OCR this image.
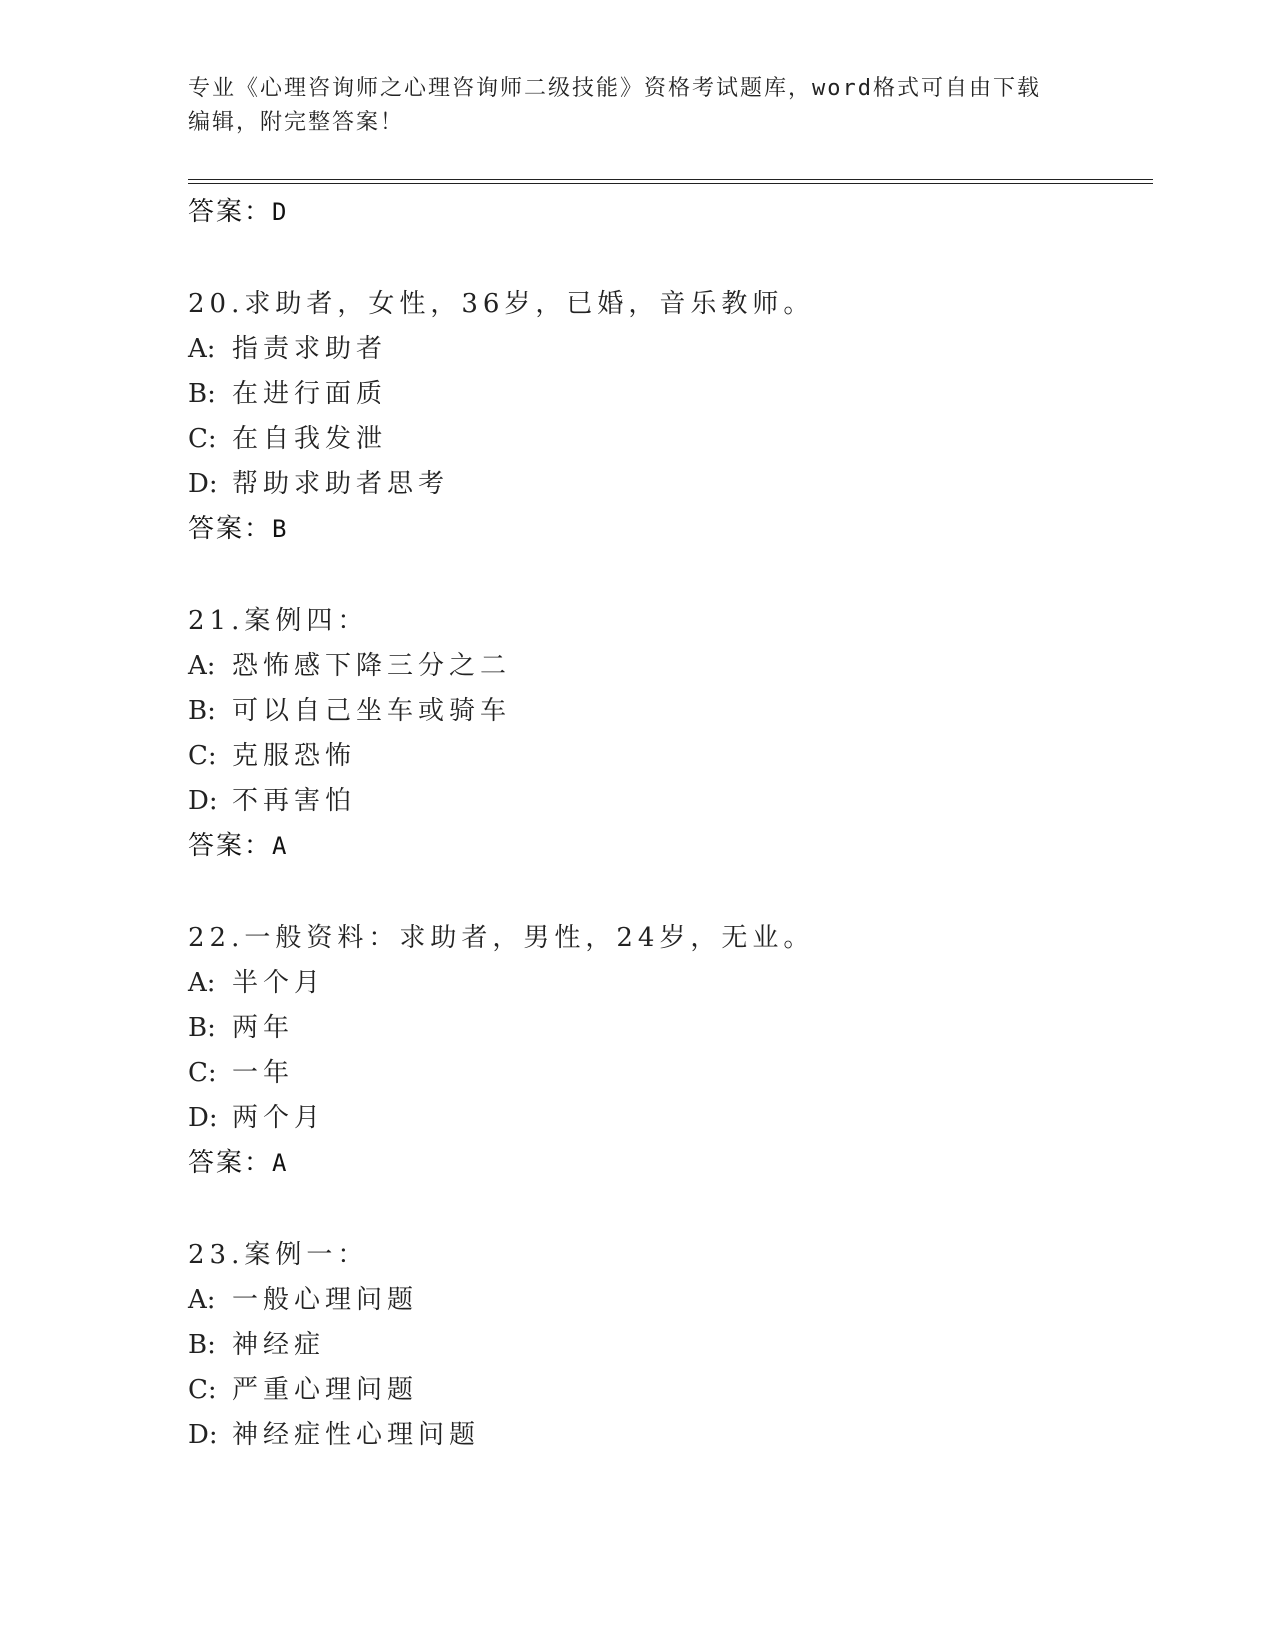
专业《心理咨询师之心理咨询师二级技能》资格考试题库，word格式可自由下载
编辑，附完整答案！
答案：D
20.求助者，女性，36岁，已婚，音乐教师。
A: 指责求助者
B: 在进行面质
C: 在自我发泄
D: 帮助求助者思考
答案：B
21.案例四：
A: 恐怖感下降三分之二
B: 可以自己坐车或骑车
C: 克服恐怖
D: 不再害怕
答案：A
22.一般资料：求助者，男性，24岁，无业。
A: 半个月
B: 两年
C: 一年
D: 两个月
答案：A
23.案例一：
A: 一般心理问题
B: 神经症
C: 严重心理问题
D: 神经症性心理问题
